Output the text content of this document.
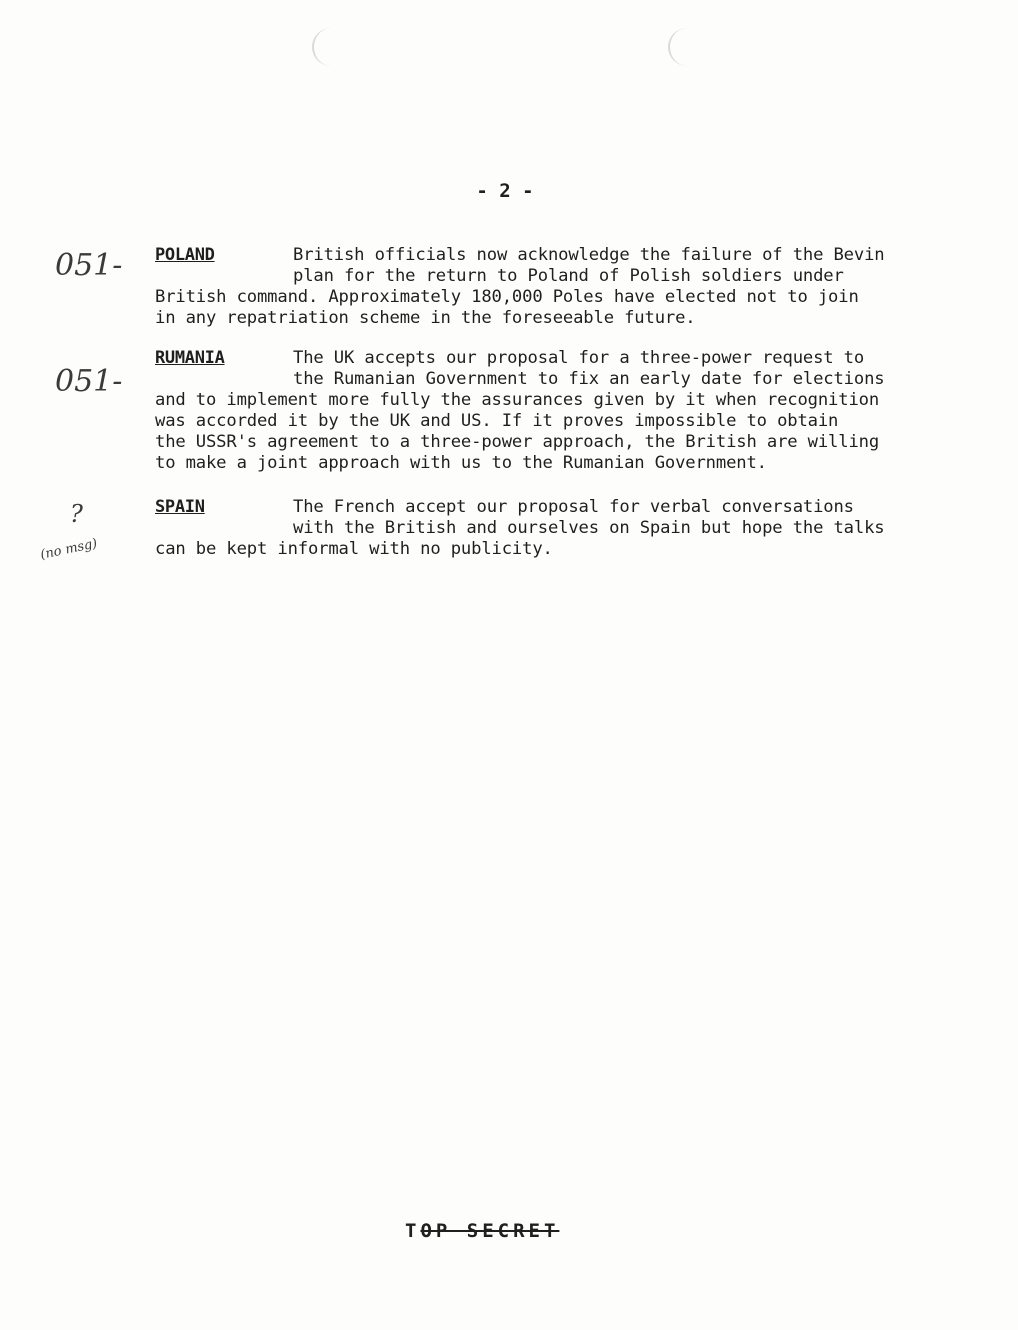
- 2 -
051- POLAND	British officials now acknowledge the failure of the Bevin
plan for the return to Poland of Polish soldiers under
British command. Approximately 180,000 Poles have elected not to join
in any repatriation scheme in the foreseeable future.
051-
RUMANIA	The UK accepts our proposal for a three-power request to
the Rumanian Government to fix an early date for elections
and to implement more fully the assurances given by it when recognition
was accorded it by the UK and US. If it proves impossible to obtain
the USSR's agreement to a three-power approach, the British are willing
to make a joint approach with us to the Rumanian Government.
?
(no msg)
SPAIN	The French accept our proposal for verbal conversations
with the British and ourselves on Spain but hope the talks
can be kept informal with no publicity.
TOP SECRET
